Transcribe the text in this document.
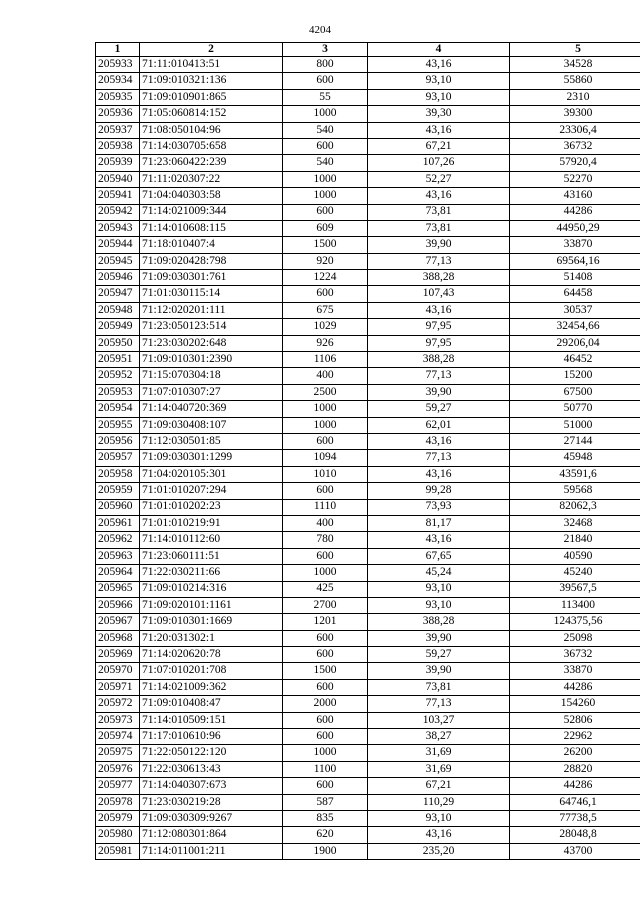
4204
1	2	3	4	5
205933	71:11:010413:51	800	43,16	34528
205934	71:09:010321:136	600	93,10	55860
205935	71:09:010901:865	55	93,10	2310
205936	71:05:060814:152	1000	39,30	39300
205937	71:08:050104:96	540	43,16	23306,4
205938	71:14:030705:658	600	67,21	36732
205939	71:23:060422:239	540	107,26	57920,4
205940	71:11:020307:22	1000	52,27	52270
205941	71:04:040303:58	1000	43,16	43160
205942	71:14:021009:344	600	73,81	44286
205943	71:14:010608:115	609	73,81	44950,29
205944	71:18:010407:4	1500	39,90	33870
205945	71:09:020428:798	920	77,13	69564,16
205946	71:09:030301:761	1224	388,28	51408
205947	71:01:030115:14	600	107,43	64458
205948	71:12:020201:111	675	43,16	30537
205949	71:23:050123:514	1029	97,95	32454,66
205950	71:23:030202:648	926	97,95	29206,04
205951	71:09:010301:2390	1106	388,28	46452
205952	71:15:070304:18	400	77,13	15200
205953	71:07:010307:27	2500	39,90	67500
205954	71:14:040720:369	1000	59,27	50770
205955	71:09:030408:107	1000	62,01	51000
205956	71:12:030501:85	600	43,16	27144
205957	71:09:030301:1299	1094	77,13	45948
205958	71:04:020105:301	1010	43,16	43591,6
205959	71:01:010207:294	600	99,28	59568
205960	71:01:010202:23	1110	73,93	82062,3
205961	71:01:010219:91	400	81,17	32468
205962	71:14:010112:60	780	43,16	21840
205963	71:23:060111:51	600	67,65	40590
205964	71:22:030211:66	1000	45,24	45240
205965	71:09:010214:316	425	93,10	39567,5
205966	71:09:020101:1161	2700	93,10	113400
205967	71:09:010301:1669	1201	388,28	124375,56
205968	71:20:031302:1	600	39,90	25098
205969	71:14:020620:78	600	59,27	36732
205970	71:07:010201:708	1500	39,90	33870
205971	71:14:021009:362	600	73,81	44286
205972	71:09:010408:47	2000	77,13	154260
205973	71:14:010509:151	600	103,27	52806
205974	71:17:010610:96	600	38,27	22962
205975	71:22:050122:120	1000	31,69	26200
205976	71:22:030613:43	1100	31,69	28820
205977	71:14:040307:673	600	67,21	44286
205978	71:23:030219:28	587	110,29	64746,1
205979	71:09:030309:9267	835	93,10	77738,5
205980	71:12:080301:864	620	43,16	28048,8
205981	71:14:011001:211	1900	235,20	43700
